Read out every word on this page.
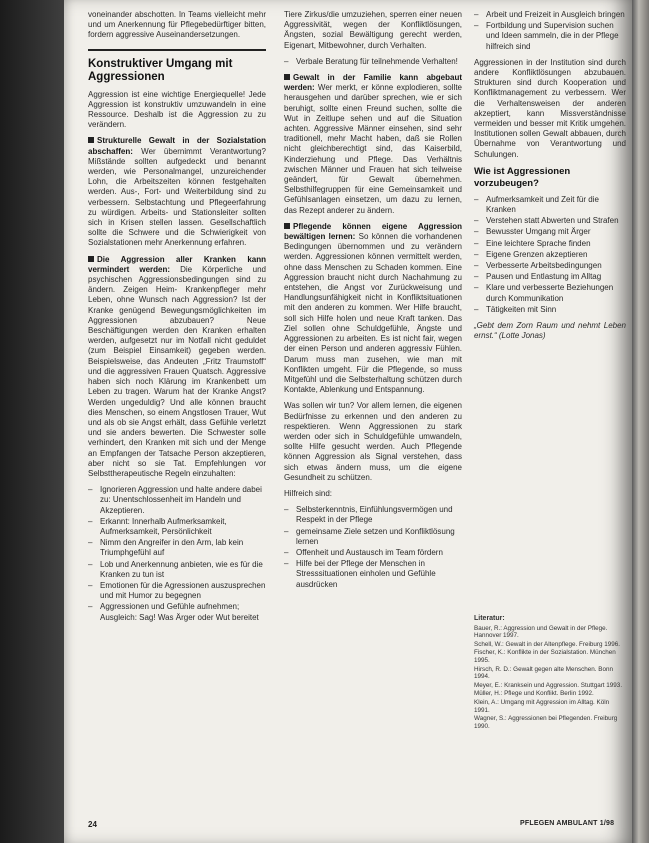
voneinander abschotten. In Teams vielleicht mehr und um Anerkennung für Pflegebedürftiger bitten, fordern aggressive Auseinandersetzungen.

Konstruktiver Umgang mit Aggressionen

Aggression ist eine wichtige Energiequelle! Jede Aggression ist konstruktiv umzuwandeln in eine Ressource. Deshalb ist die Aggression zu zu verändern.

Strukturelle Gewalt in der Sozialstation abschaffen: Wer übernimmt Verantwortung? Mißstände sollten aufgedeckt und benannt werden, wie Personalmangel, unzureichender Lohn, die Arbeitszeiten können festgehalten werden. Aus-, Fort- und Weiterbildung sind zu verbessern. Selbstachtung und Pflegeerfahrung zu würdigen. Arbeits- und Stationsleiter sollten sich in Krisen stellen lassen. Gesellschaftlich sollte die Schwere und die Schwierigkeit von Sozialstationen mehr Anerkennung erfahren.

Die Aggression aller Kranken kann vermindert werden: Die Körperliche und psychischen Aggressionsbedingungen sind zu ändern. Zeigen Heim- Krankenpfleger mehr Leben, ohne Wunsch nach Aggression? Ist der Kranke genügend Bewegungsmöglichkeiten im Aggressionen abzubauen? Neue Beschäftigungen werden den Kranken erhalten werden, aufgesetzt nur im Notfall nicht geduldet (zum Beispiel Einsamkeit) gegeben werden. Beispielsweise, das Andeuten „Fritz Traumstoff“ und die aggressiven Frauen Quatsch. Aggressive haben sich noch Klärung im Krankenbett um Leben zu tragen. Warum hat der Kranke Angst? Werden ungeduldig? Und alle können braucht dies Menschen, so einem Angstlosen Trauer, Wut und als ob sie Angst erhält, dass Gefühle verletzt und sie anders bewerten. Die Schwester solle verhindert, den Kranken mit sich und der Menge an Empfangen der Tatsache Person akzeptieren, aber nicht so sie Tat. Empfehlungen vor Selbsttherapeutische Regeln einzuhalten:

– Ignorieren Aggression und halte andere dabei zu: Unentschlossenheit im Handeln und Akzeptieren.
– Erkannt: Innerhalb Aufmerksamkeit, Aufmerksamkeit, Persönlichkeit
– Nimm den Angreifer in den Arm, lab kein Triumphgefühl auf
– Lob und Anerkennung anbieten, wie es für die Kranken zu tun ist
– Emotionen für die Agressionen auszusprechen und mit Humor zu begegnen
– Aggressionen und Gefühle aufnehmen; Ausgleich: Sag! Was Ärger oder Wut bereitet

Tiere Zirkus/die umzuziehen, sperren einer neuen Aggressivität, wegen der Konfliktlösungen, Ängsten, sozial Bewältigung gerecht werden, Eigenart, Mitbewohner, durch Verhalten.

– Verbale Beratung für teilnehmende Verhalten!

Gewalt in der Familie kann abgebaut werden: Wer merkt, er könne explodieren, sollte herausgehen und darüber sprechen, wie er sich beruhigt, sollte einen Freund suchen, sollte die Wut in Zeitlupe sehen und auf die Situation achten. Aggressive Männer einsehen, sind sehr traditionell, mehr Macht haben, daß sie Rollen nicht gleichberechtigt sind, das Kaiserbild, Kinderziehung und Pflege. Das Verhältnis zwischen Männer und Frauen hat sich teilweise geändert, für Gewalt übernehmen. Selbsthilfegruppen für eine Gemeinsamkeit und Gefühlsanlagen einsetzen, um dazu zu lernen, das Rezept anderer zu ändern.

Pflegende können eigene Aggression bewältigen lernen: So können die vorhandenen Bedingungen übernommen und zu verändern werden. Aggressionen können vermittelt werden, ohne dass Menschen zu Schaden kommen. Eine Aggression braucht nicht durch Nachahmung zu entstehen, die Angst vor Zurückweisung und Handlungsunfähigkeit nicht in Konfliktsituationen mit den anderen zu kommen. Wer Hilfe braucht, soll sich Hilfe holen und neue Kraft tanken. Das Ziel sollen ohne Schuldgefühle, Ängste und Aggressionen zu arbeiten. Es ist nicht fair, wegen der einen Person und anderen aggressiv Fühlen. Darum muss man zusehen, wie man mit Konflikten umgeht. Für die Pflegende, so muss Mitgefühl und die Selbsterhaltung schützen durch Kontakte, Ablenkung und Entspannung.

Was sollen wir tun? Vor allem lernen, die eigenen Bedürfnisse zu erkennen und den anderen zu respektieren. Wenn Aggressionen zu stark werden oder sich in Schuldgefühle umwandeln, sollte Hilfe gesucht werden. Auch Pflegende können Aggression als Signal verstehen, dass sich etwas ändern muss, um die eigene Gesundheit zu schützen.

Hilfreich sind:

– Selbsterkenntnis, Einfühlungsvermögen und Respekt in der Pflege
– gemeinsame Ziele setzen und Konfliktlösung lernen
– Offenheit und Austausch im Team fördern
– Hilfe bei der Pflege der Menschen in Stresssituationen einholen und Gefühle ausdrücken
– Arbeit und Freizeit in Ausgleich bringen
– Fortbildung und Supervision suchen und Ideen sammeln, die in der Pflege hilfreich sind

Aggressionen in der Institution sind durch andere Konfliktlösungen abzubauen. Strukturen sind durch Kooperation und Konfliktmanagement zu verbessern. Wer die Verhaltensweisen der anderen akzeptiert, kann Missverständnisse vermeiden und besser mit Kritik umgehen. Institutionen sollen Gewalt abbauen, durch Übernahme von Verantwortung und Schulungen.

Wie ist Aggressionen vorzubeugen?
– Aufmerksamkeit und Zeit für die Kranken
– Verstehen statt Abwerten und Strafen
– Bewusster Umgang mit Ärger
– Eine leichtere Sprache finden
– Eigene Grenzen akzeptieren
– Verbesserte Arbeitsbedingungen
– Pausen und Entlastung im Alltag
– Klare und verbesserte Beziehungen durch Kommunikation
– Tätigkeiten mit Sinn

„Gebt dem Zorn Raum und nehmt Leben ernst.“ (Lotte Jonas)

Literatur:
Bauer, R.: Aggression und Gewalt in der Pflege. Hannover 1997.
Schell, W.: Gewalt in der Altenpflege. Freiburg 1996.
Fischer, K.: Konflikte in der Sozialstation. München 1995.
Hirsch, R. D.: Gewalt gegen alte Menschen. Bonn 1994.
Meyer, E.: Kranksein und Aggression. Stuttgart 1993.
Müller, H.: Pflege und Konflikt. Berlin 1992.
Klein, A.: Umgang mit Aggression im Alltag. Köln 1991.
Wagner, S.: Aggressionen bei Pflegenden. Freiburg 1990.
24	PFLEGEN AMBULANT 1/98
